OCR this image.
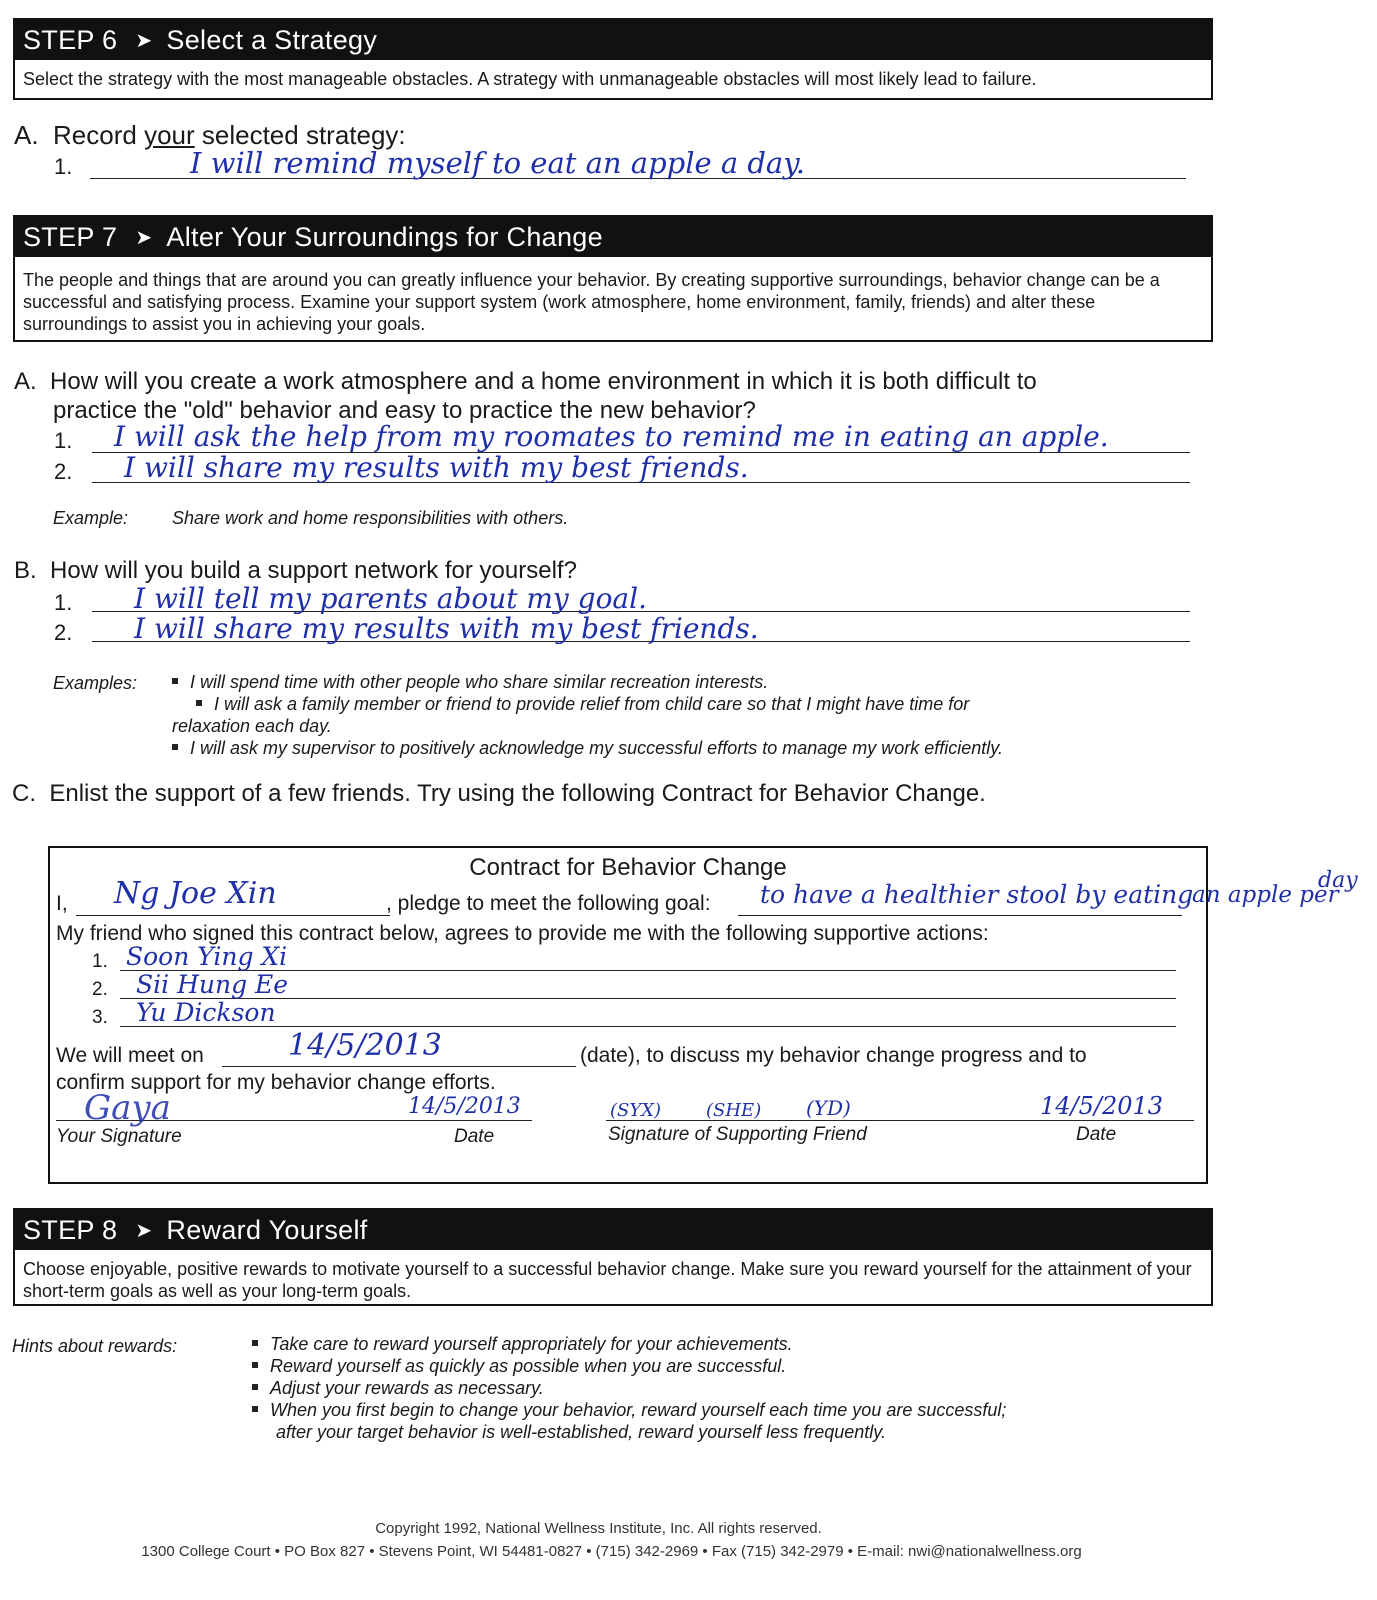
STEP 6 ➤ Select a Strategy
Select the strategy with the most manageable obstacles. A strategy with unmanageable obstacles will most likely lead to failure.
A. Record your selected strategy:
1.	I will remind myself to eat an apple a day.
STEP 7 ➤ Alter Your Surroundings for Change
The people and things that are around you can greatly influence your behavior. By creating supportive surroundings, behavior change can be a successful and satisfying process. Examine your support system (work atmosphere, home environment, family, friends) and alter these surroundings to assist you in achieving your goals.
A. How will you create a work atmosphere and a home environment in which it is both difficult to
practice the "old" behavior and easy to practice the new behavior?
1. I will ask the help from my roomates to remind me in eating an apple.
2. I will share my results with my best friends.
Example: Share work and home responsibilities with others.
B. How will you build a support network for yourself?
1. I will tell my parents about my goal.
2. I will share my results with my best friends.
Examples:	I will spend time with other people who share similar recreation interests.
I will ask a family member or friend to provide relief from child care so that I might have time for
relaxation each day.
I will ask my supervisor to positively acknowledge my successful efforts to manage my work efficiently.
C. Enlist the support of a few friends. Try using the following Contract for Behavior Change.
Contract for Behavior Change
I, Ng Joe Xin	, pledge to meet the following goal: to have a healthier stool by eating
My friend who signed this contract below, agrees to provide me with the following supportive actions:
1. Soon Ying Xi
2. Sii Hung Ee
3. Yu Dickson
We will meet on	14/5/2013	(date), to discuss my behavior change progress and to
confirm support for my behavior change efforts.
Gaya	14/5/2013
Your Signature	Date
(SYX) (SHE) (YD)	14/5/2013
Signature of Supporting Friend	Date
an apple per
day
STEP 8 ➤ Reward Yourself
Choose enjoyable, positive rewards to motivate yourself to a successful behavior change. Make sure you reward yourself for the attainment of your short-term goals as well as your long-term goals.
Hints about rewards:	Take care to reward yourself appropriately for your achievements.
Reward yourself as quickly as possible when you are successful.
Adjust your rewards as necessary.
When you first begin to change your behavior, reward yourself each time you are successful;
after your target behavior is well-established, reward yourself less frequently.
Copyright 1992, National Wellness Institute, Inc. All rights reserved.
1300 College Court • PO Box 827 • Stevens Point, WI 54481-0827 • (715) 342-2969 • Fax (715) 342-2979 • E-mail: nwi@nationalwellness.org
